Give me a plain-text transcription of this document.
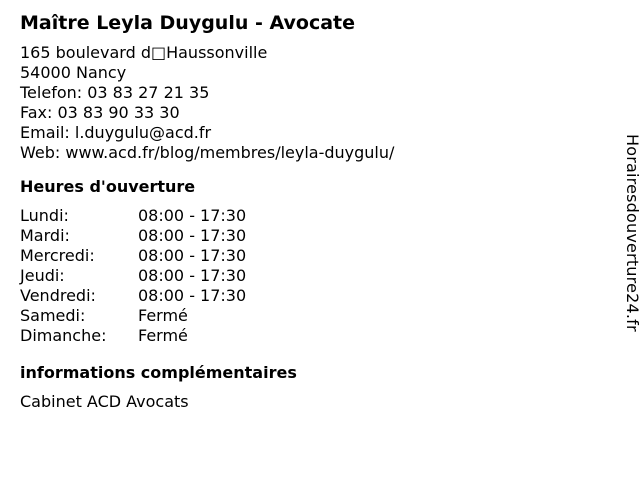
Maître Leyla Duygulu - Avocate
165 boulevard d□Haussonville
54000 Nancy
Telefon: 03 83 27 21 35
Fax: 03 83 90 33 30
Email: l.duygulu@acd.fr
Web: www.acd.fr/blog/membres/leyla-duygulu/
Heures d'ouverture
Lundi:	08:00 - 17:30
Mardi:	08:00 - 17:30
Mercredi:	08:00 - 17:30
Jeudi:	08:00 - 17:30
Vendredi:	08:00 - 17:30
Samedi:	Fermé
Dimanche:	Fermé
informations complémentaires
Cabinet ACD Avocats
Horairesdouverture24.fr
